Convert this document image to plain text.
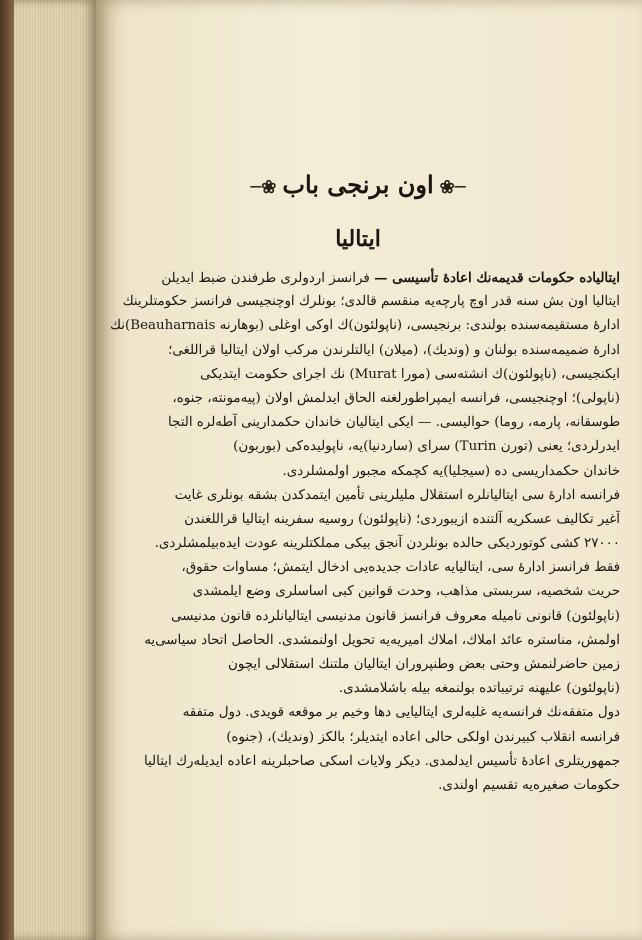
─❀اون برنجی باب❀─
ایتالیا
ایتالیاده حکومات قدیمه‌نك اعادهٔ تأسیسی — فرانسز اردولری طرفندن ضبط ایدیلن
ایتالیا اون بش سنه قدر اوچ پارچه‌یه منقسم قالدی؛ بونلرك اوچنجیسی فرانسز حکومتلرینك
ادارهٔ مستقیمه‌سنده بولندی: برنجیسی، (ناپولئون)ك اوكی اوغلی (بوهارنه Beauharnais)نك
ادارهٔ ضمیمه‌سنده بولنان و (ونديك)، (میلان) ایالتلرندن مركب اولان ایتالیا قراللغی؛
ایکنجیسی، (ناپولئون)ك انشته‌سی (مورا Murat) نك اجرای حکومت ایتدیکی
(ناپولی)؛ اوچنجیسی، فرانسه ایمپراطورلغنه الحاق ایدلمش اولان (پیه‌مونته، جنوه،
طوسقانه، پارمه، روما) حوالیسی. — ایکی ایتالیان خاندان حکمدارینی آطه‌لره التجا
ایدرلردی؛ یعنی (تورن Turin) سرای (ساردنیا)یه، ناپولیده‌كی (بوربون)
خاندان حکمداریسی ده (سیجلیا)یه کچمکه مجبور اولمشلردی.
فرانسه ادارهٔ سی ایتالیانلره استقلال ملیلرینی تأمین ایتمدکدن بشقه بونلری غایت
آغیر تکالیف عسکریه آلتنده ازیبوردی؛ (ناپولئون) روسیه سفرینه ایتالیا قراللغندن
۲۷۰۰۰ کشی کوتوردیکی حالده بونلردن آنجق بیکی مملکتلرینه عودت ایده‌بیلمشلردی.
فقط فرانسز ادارهٔ سی، ایتالیایه عادات جدیده‌یی ادخال ایتمش؛ مساوات حقوق،
حریت شخصیه، سربستی مذاهب، وحدت قوانین کبی اساسلری وضع ایلمشدی
(ناپولئون) قانونی نامیله معروف فرانسز قانون مدنیسی ایتالیانلرده قانون مدنیسی
اولمش، مناستره عائد املاك، املاك امیریه‌یه تحویل اولنمشدی. الحاصل اتحاد سیاسی‌یه
زمین حاضرلنمش وحتی بعض وطنپروران ایتالیان ملتنك استقلالی ایچون
(ناپولئون) علیهنه ترتیباتده بولنمغه بیله باشلامشدی.
دول متفقه‌نك فرانسه‌یه غلبه‌لری ایتالیایی دها وخیم بر موقعه قویدی. دول متفقه
فرانسه انقلاب کبیرندن اولكی حالی اعاده ایتدیلر؛ بالکز (ونديك)، (جنوه)
جمهوریتلری اعادهٔ تأسیس ایدلمدی. دیکر ولایات اسکی صاحبلرینه اعاده ایدیله‌رك ایتالیا
حکومات صغیره‌یه تقسیم اولندی.
